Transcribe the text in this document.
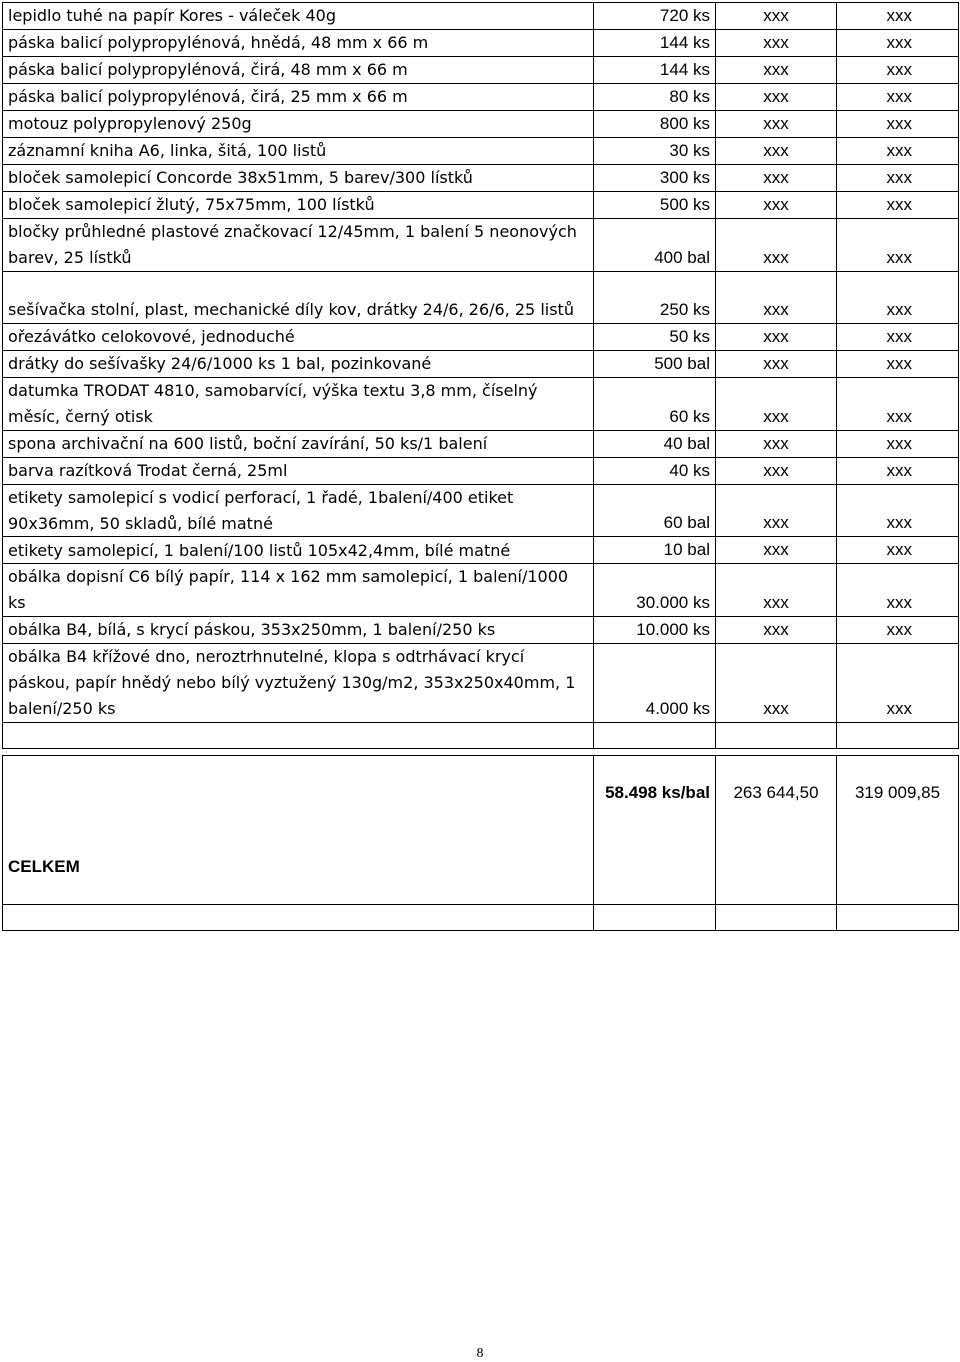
lepidlo tuhé na papír Kores - váleček 40g	720 ks	xxx	xxx
páska balicí polypropylénová, hnědá, 48 mm x 66 m	144 ks	xxx	xxx
páska balicí polypropylénová, čirá, 48 mm x 66 m	144 ks	xxx	xxx
páska balicí polypropylénová, čirá, 25 mm x 66 m	80 ks	xxx	xxx
motouz polypropylenový 250g	800 ks	xxx	xxx
záznamní kniha A6, linka, šitá, 100 listů	30 ks	xxx	xxx
bloček samolepicí Concorde 38x51mm, 5 barev/300 lístků	300 ks	xxx	xxx
bloček samolepicí žlutý, 75x75mm, 100 lístků	500 ks	xxx	xxx
bločky průhledné plastové značkovací 12/45mm, 1 balení 5 neonových barev, 25 lístků	400 bal	xxx	xxx
sešívačka stolní, plast, mechanické díly kov, drátky 24/6, 26/6, 25 listů	250 ks	xxx	xxx
ořezávátko celokovové, jednoduché	50 ks	xxx	xxx
drátky do sešívašky 24/6/1000 ks 1 bal, pozinkované	500 bal	xxx	xxx
datumka TRODAT 4810, samobarvící, výška textu 3,8 mm, číselný měsíc, černý otisk	60 ks	xxx	xxx
spona archivační na 600 listů, boční zavírání, 50 ks/1 balení	40 bal	xxx	xxx
barva razítková Trodat černá, 25ml	40 ks	xxx	xxx
etikety samolepicí s vodicí perforací, 1 řadé, 1balení/400 etiket 90x36mm, 50 skladů, bílé matné	60 bal	xxx	xxx
etikety samolepicí, 1 balení/100 listů 105x42,4mm, bílé matné	10 bal	xxx	xxx
obálka dopisní C6 bílý papír, 114 x 162 mm samolepicí, 1 balení/1000 ks	30.000 ks	xxx	xxx
obálka B4, bílá, s krycí páskou, 353x250mm, 1 balení/250 ks	10.000 ks	xxx	xxx
obálka B4 křížové dno, neroztrhnutelné, klopa s odtrhávací krycí páskou, papír hnědý nebo bílý vyztužený 130g/m2, 353x250x40mm, 1 balení/250 ks	4.000 ks	xxx	xxx

CELKEM	58.498 ks/bal	263 644,50	319 009,85

8
